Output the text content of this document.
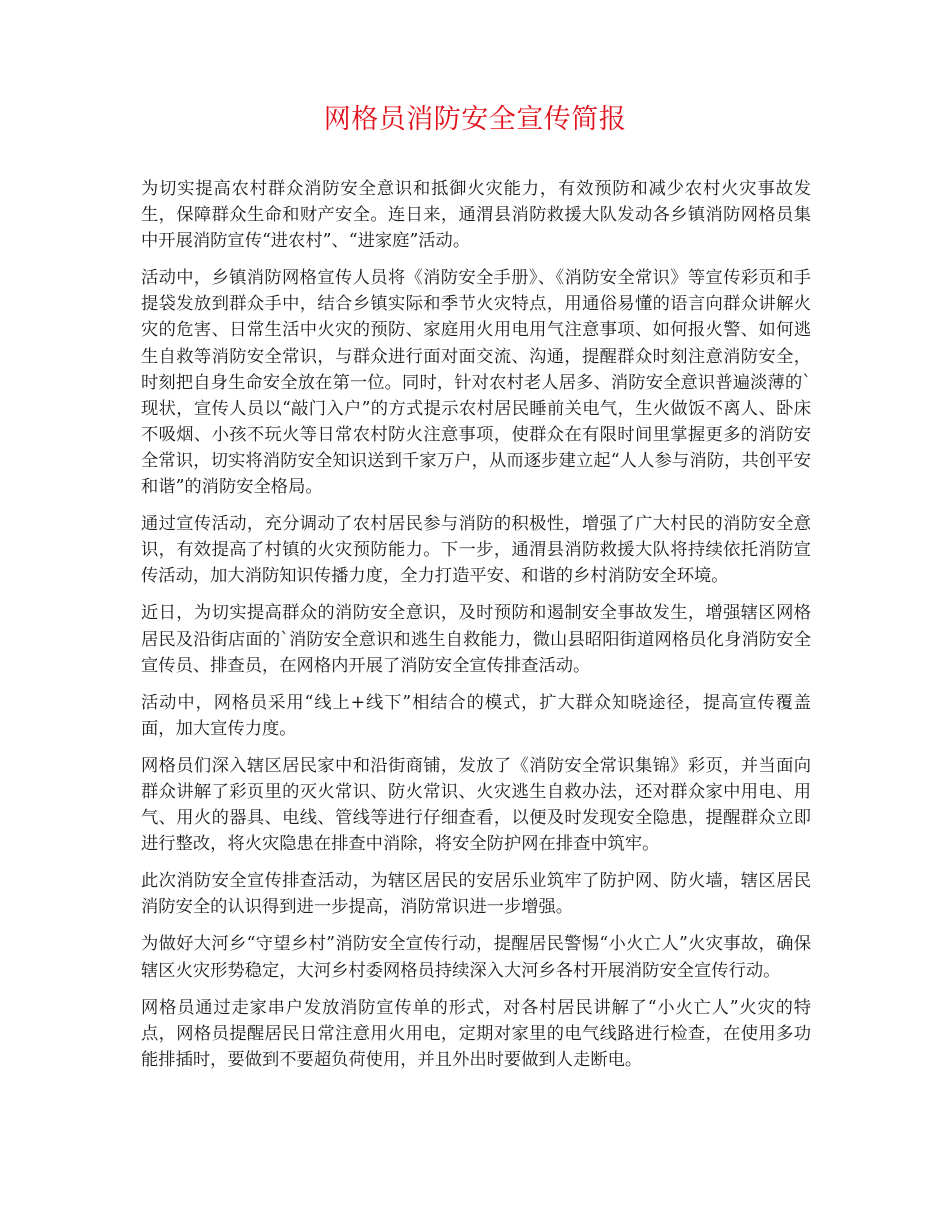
网格员消防安全宣传简报

为切实提高农村群众消防安全意识和抵御火灾能力，有效预防和减少农村火灾事故发生，保障群众生命和财产安全。连日来，通渭县消防救援大队发动各乡镇消防网格员集中开展消防宣传“进农村”、“进家庭”活动。

活动中，乡镇消防网格宣传人员将《消防安全手册》、《消防安全常识》等宣传彩页和手提袋发放到群众手中，结合乡镇实际和季节火灾特点，用通俗易懂的语言向群众讲解火灾的危害、日常生活中火灾的预防、家庭用火用电用气注意事项、如何报火警、如何逃生自救等消防安全常识，与群众进行面对面交流、沟通，提醒群众时刻注意消防安全，时刻把自身生命安全放在第一位。同时，针对农村老人居多、消防安全意识普遍淡薄的`现状，宣传人员以“敲门入户”的方式提示农村居民睡前关电气，生火做饭不离人、卧床不吸烟、小孩不玩火等日常农村防火注意事项，使群众在有限时间里掌握更多的消防安全常识，切实将消防安全知识送到千家万户，从而逐步建立起“人人参与消防，共创平安和谐”的消防安全格局。

通过宣传活动，充分调动了农村居民参与消防的积极性，增强了广大村民的消防安全意识，有效提高了村镇的火灾预防能力。下一步，通渭县消防救援大队将持续依托消防宣传活动，加大消防知识传播力度，全力打造平安、和谐的乡村消防安全环境。

近日，为切实提高群众的消防安全意识，及时预防和遏制安全事故发生，增强辖区网格居民及沿街店面的`消防安全意识和逃生自救能力，微山县昭阳街道网格员化身消防安全宣传员、排查员，在网格内开展了消防安全宣传排查活动。

活动中，网格员采用“线上+线下”相结合的模式，扩大群众知晓途径，提高宣传覆盖面，加大宣传力度。

网格员们深入辖区居民家中和沿街商铺，发放了《消防安全常识集锦》彩页，并当面向群众讲解了彩页里的灭火常识、防火常识、火灾逃生自救办法，还对群众家中用电、用气、用火的器具、电线、管线等进行仔细查看，以便及时发现安全隐患，提醒群众立即进行整改，将火灾隐患在排查中消除，将安全防护网在排查中筑牢。

此次消防安全宣传排查活动，为辖区居民的安居乐业筑牢了防护网、防火墙，辖区居民消防安全的认识得到进一步提高，消防常识进一步增强。

为做好大河乡“守望乡村”消防安全宣传行动，提醒居民警惕“小火亡人”火灾事故，确保辖区火灾形势稳定，大河乡村委网格员持续深入大河乡各村开展消防安全宣传行动。

网格员通过走家串户发放消防宣传单的形式，对各村居民讲解了“小火亡人”火灾的特点，网格员提醒居民日常注意用火用电，定期对家里的电气线路进行检查，在使用多功能排插时，要做到不要超负荷使用，并且外出时要做到人走断电。
